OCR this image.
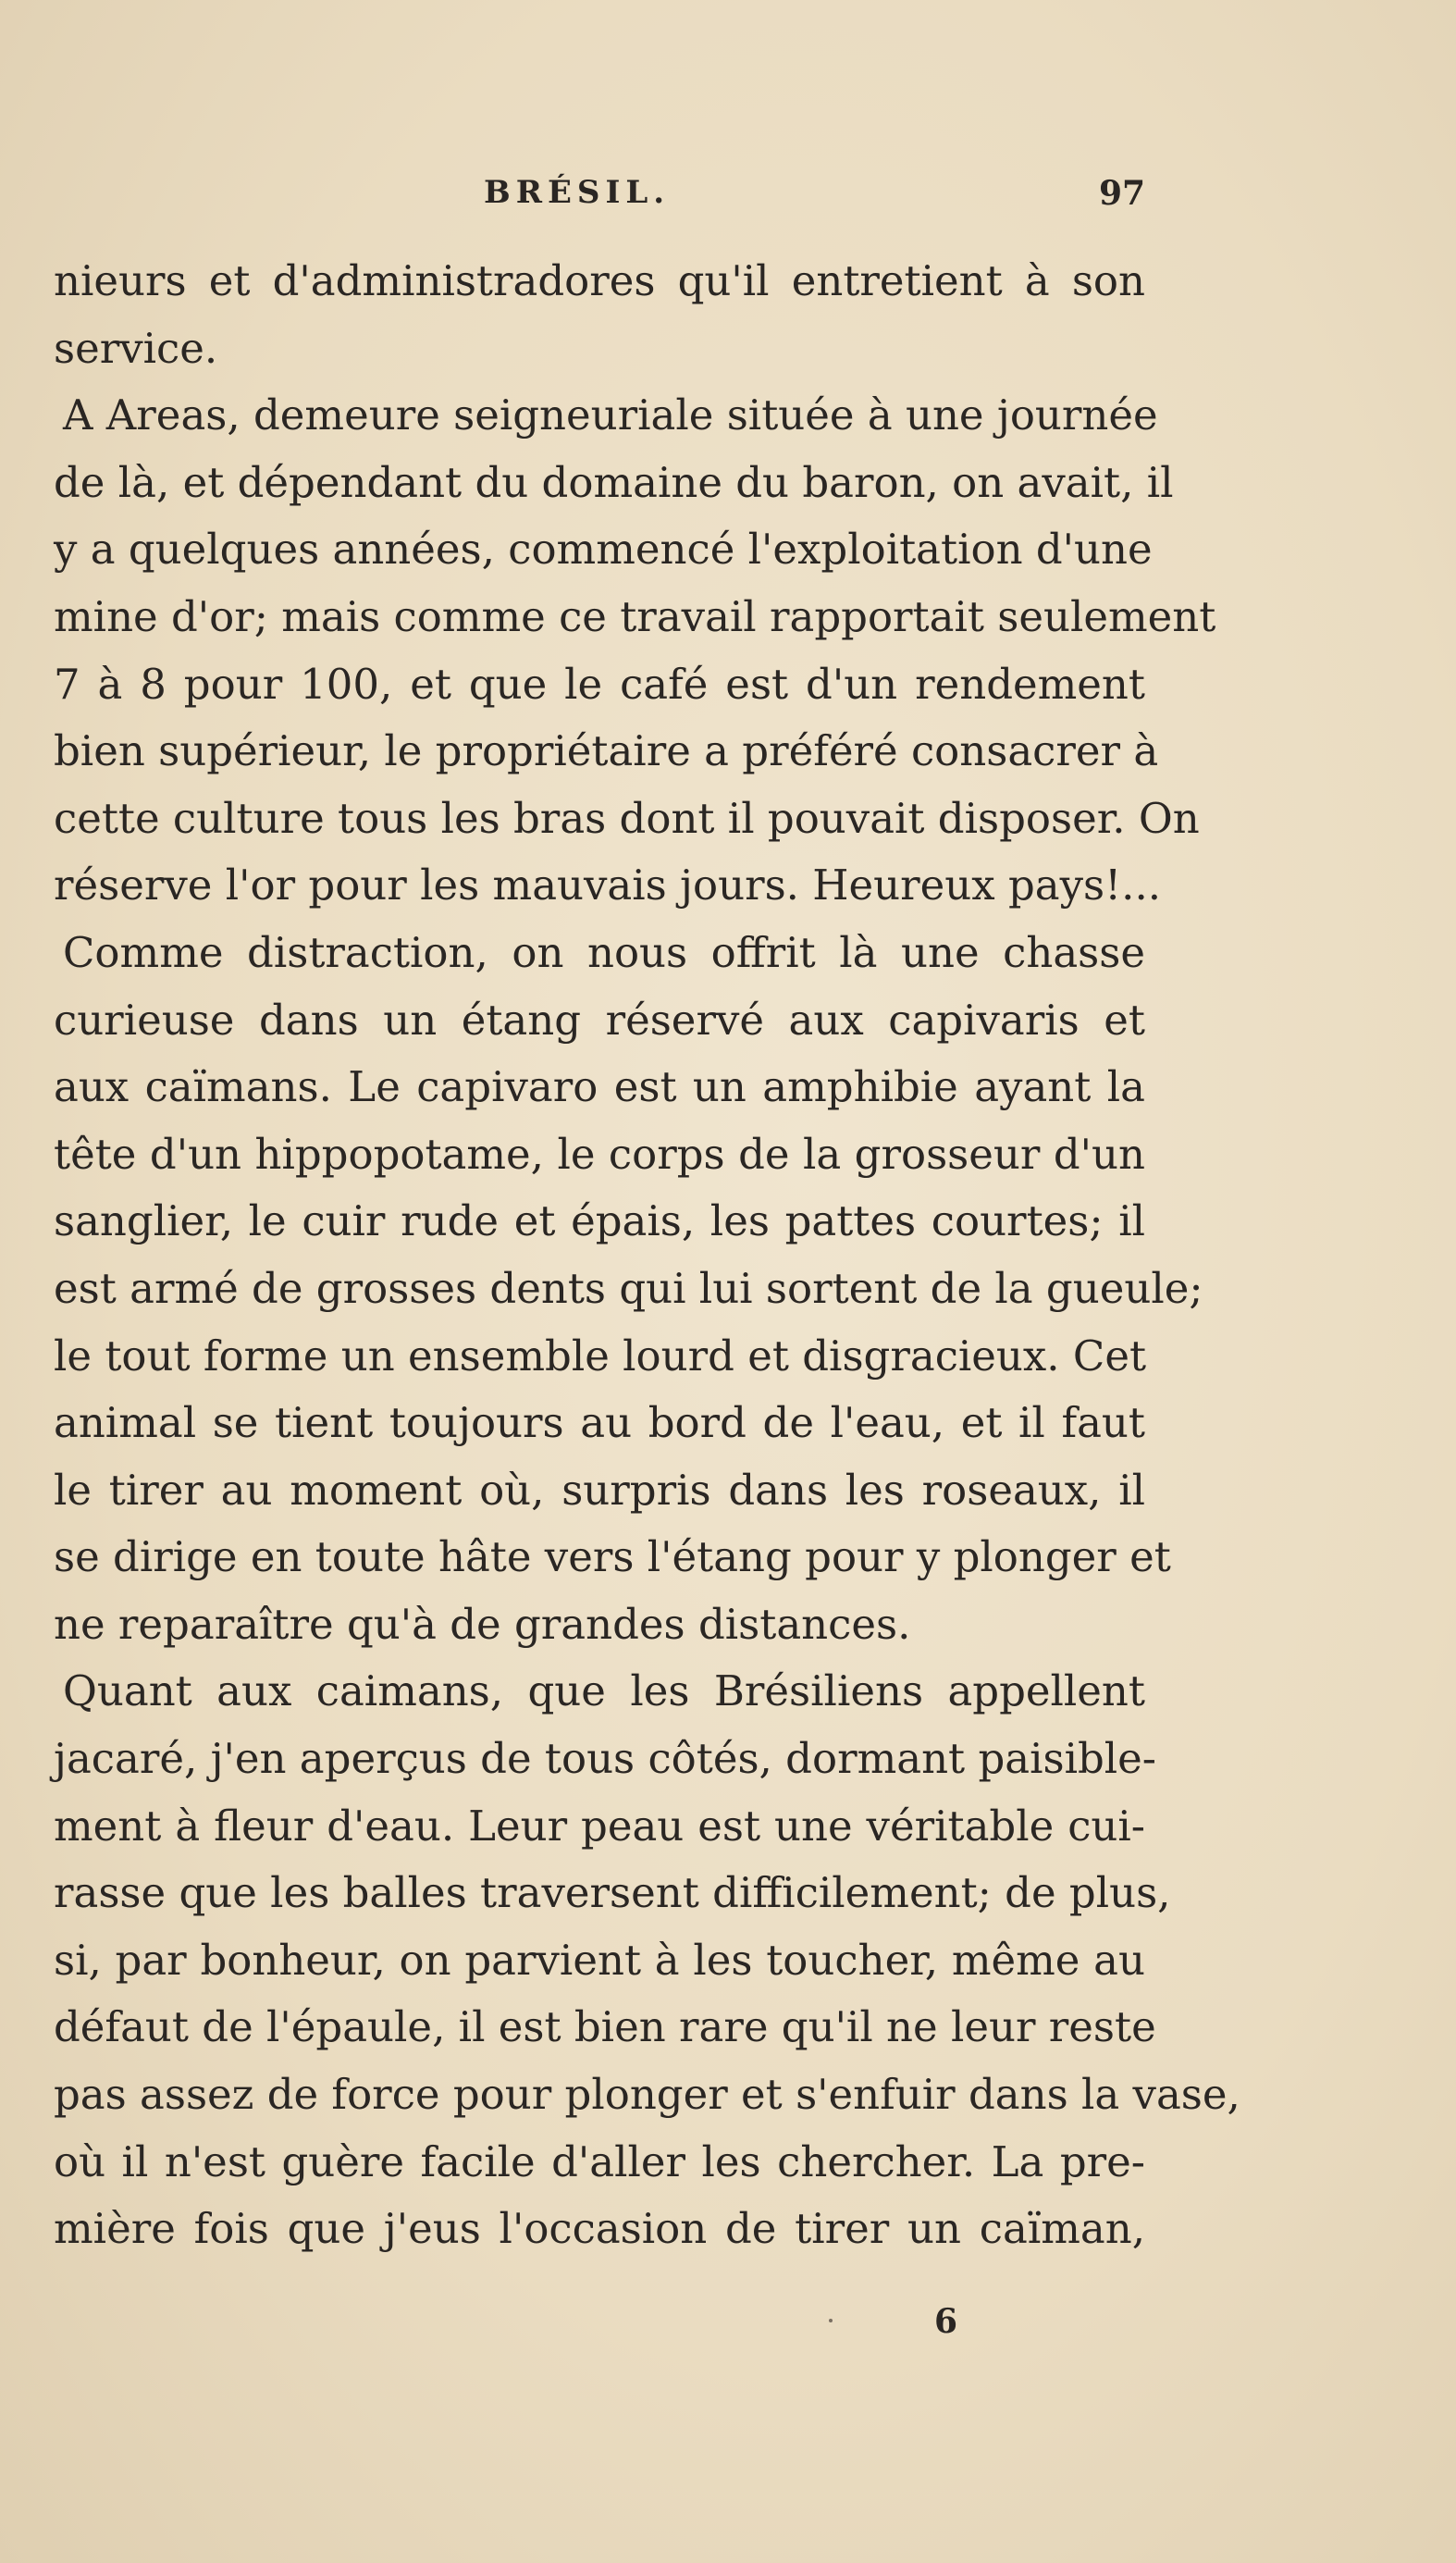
BRÉSIL.	97
nieurs et d'administradores qu'il entretient à son
service.
A Areas, demeure seigneuriale située à une journée
de là, et dépendant du domaine du baron, on avait, il
y a quelques années, commencé l'exploitation d'une
mine d'or; mais comme ce travail rapportait seulement
7 à 8 pour 100, et que le café est d'un rendement
bien supérieur, le propriétaire a préféré consacrer à
cette culture tous les bras dont il pouvait disposer. On
réserve l'or pour les mauvais jours. Heureux pays!...
Comme distraction, on nous offrit là une chasse
curieuse dans un étang réservé aux capivaris et
aux caïmans. Le capivaro est un amphibie ayant la
tête d'un hippopotame, le corps de la grosseur d'un
sanglier, le cuir rude et épais, les pattes courtes; il
est armé de grosses dents qui lui sortent de la gueule;
le tout forme un ensemble lourd et disgracieux. Cet
animal se tient toujours au bord de l'eau, et il faut
le tirer au moment où, surpris dans les roseaux, il
se dirige en toute hâte vers l'étang pour y plonger et
ne reparaître qu'à de grandes distances.
Quant aux caimans, que les Brésiliens appellent
jacaré, j'en aperçus de tous côtés, dormant paisible-
ment à fleur d'eau. Leur peau est une véritable cui-
rasse que les balles traversent difficilement; de plus,
si, par bonheur, on parvient à les toucher, même au
défaut de l'épaule, il est bien rare qu'il ne leur reste
pas assez de force pour plonger et s'enfuir dans la vase,
où il n'est guère facile d'aller les chercher. La pre-
mière fois que j'eus l'occasion de tirer un caïman,
6
